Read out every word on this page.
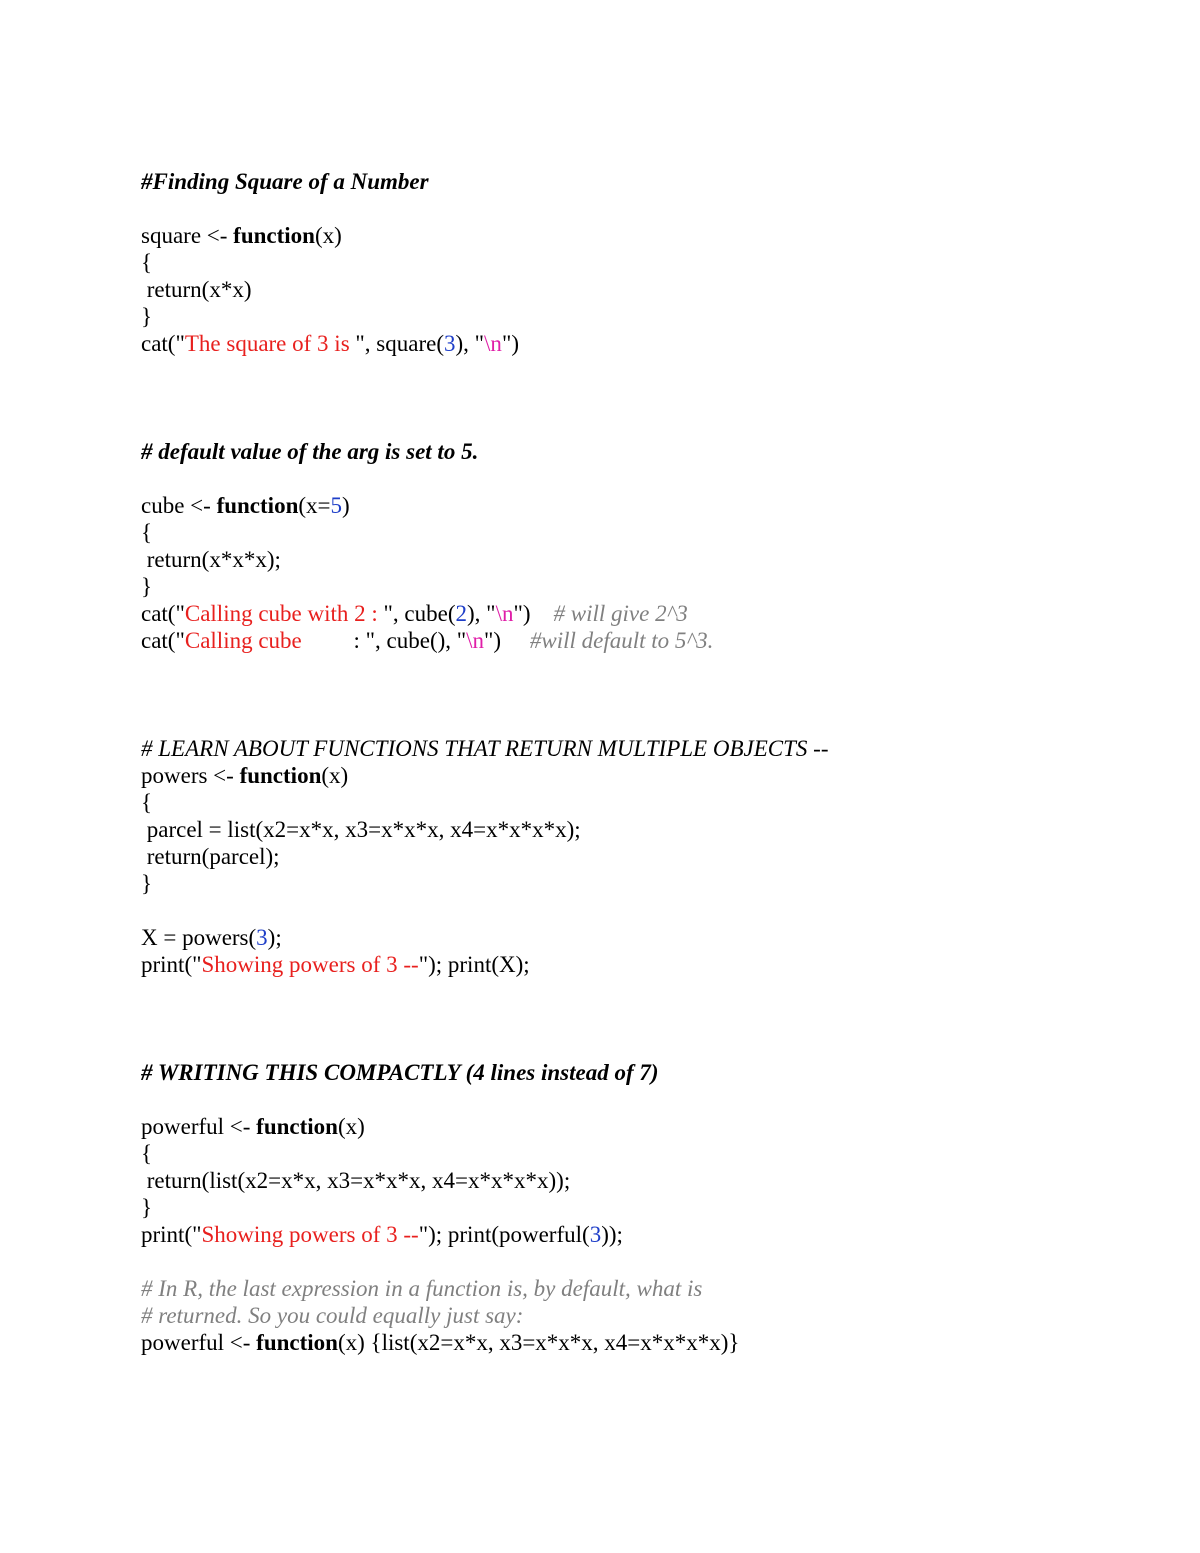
#Finding Square of a Number
square <- function(x)
{
return(x*x)
}
cat("The square of 3 is ", square(3), "\n")
# default value of the arg is set to 5.
cube <- function(x=5)
{
return(x*x*x);
}
cat("Calling cube with 2 : ", cube(2), "\n")    # will give 2^3
cat("Calling cube         : ", cube(), "\n")     #will default to 5^3.
# LEARN ABOUT FUNCTIONS THAT RETURN MULTIPLE OBJECTS --
powers <- function(x)
{
parcel = list(x2=x*x, x3=x*x*x, x4=x*x*x*x);
return(parcel);
}
X = powers(3);
print("Showing powers of 3 --"); print(X);
# WRITING THIS COMPACTLY (4 lines instead of 7)
powerful <- function(x)
{
return(list(x2=x*x, x3=x*x*x, x4=x*x*x*x));
}
print("Showing powers of 3 --"); print(powerful(3));
# In R, the last expression in a function is, by default, what is
# returned. So you could equally just say:
powerful <- function(x) {list(x2=x*x, x3=x*x*x, x4=x*x*x*x)}
